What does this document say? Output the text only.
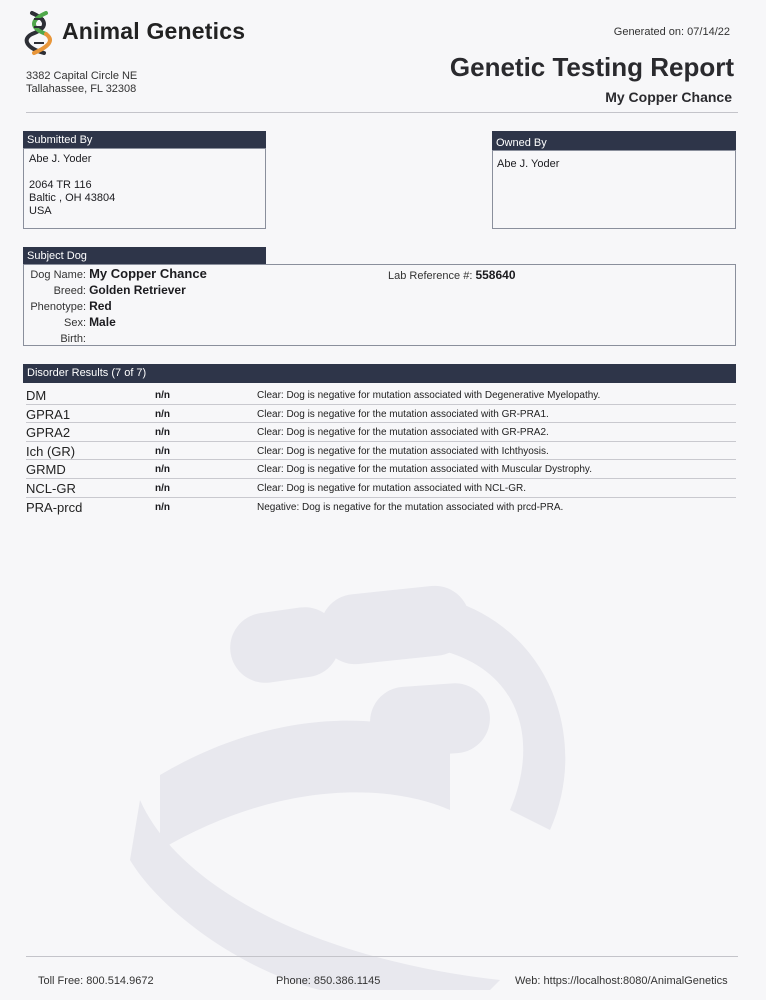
Animal Genetics
3382 Capital Circle NE
Tallahassee, FL 32308
Generated on: 07/14/22
Genetic Testing Report
My Copper Chance
Submitted By
Abe J. Yoder
2064 TR 116
Baltic , OH 43804
USA
Owned By
Abe J. Yoder
Subject Dog
Dog Name: My Copper Chance
Breed: Golden Retriever
Phenotype: Red
Sex: Male
Birth:
Lab Reference #: 558640
Disorder Results (7 of 7)
DM	n/n	Clear: Dog is negative for mutation associated with Degenerative Myelopathy.
GPRA1	n/n	Clear: Dog is negative for the mutation associated with GR-PRA1.
GPRA2	n/n	Clear: Dog is negative for the mutation associated with GR-PRA2.
Ich (GR)	n/n	Clear: Dog is negative for the mutation associated with Ichthyosis.
GRMD	n/n	Clear: Dog is negative for the mutation associated with Muscular Dystrophy.
NCL-GR	n/n	Clear: Dog is negative for mutation associated with NCL-GR.
PRA-prcd	n/n	Negative: Dog is negative for the mutation associated with prcd-PRA.
Toll Free: 800.514.9672	Phone: 850.386.1145	Web: https://localhost:8080/AnimalGenetics
